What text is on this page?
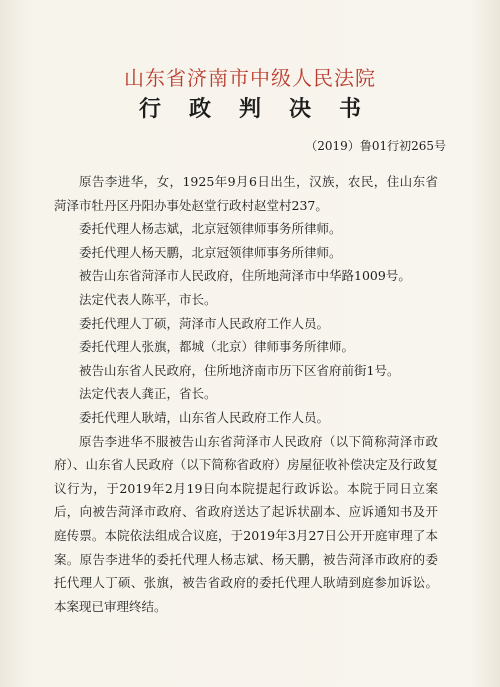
山东省济南市中级人民法院
行政判决书
（2019）鲁01行初265号

原告李进华，女，1925年9月6日出生，汉族，农民，住山东省菏泽市牡丹区丹阳办事处赵堂行政村赵堂村237。

委托代理人杨志斌，北京冠领律师事务所律师。

委托代理人杨天鹏，北京冠领律师事务所律师。

被告山东省菏泽市人民政府，住所地菏泽市中华路1009号。

法定代表人陈平，市长。

委托代理人丁硕，菏泽市人民政府工作人员。

委托代理人张旗，都城（北京）律师事务所律师。

被告山东省人民政府，住所地济南市历下区省府前街1号。

法定代表人龚正，省长。

委托代理人耿靖，山东省人民政府工作人员。

原告李进华不服被告山东省菏泽市人民政府（以下简称菏泽市政府）、山东省人民政府（以下简称省政府）房屋征收补偿决定及行政复议行为，于2019年2月19日向本院提起行政诉讼。本院于同日立案后，向被告菏泽市政府、省政府送达了起诉状副本、应诉通知书及开庭传票。本院依法组成合议庭，于2019年3月27日公开开庭审理了本案。原告李进华的委托代理人杨志斌、杨天鹏，被告菏泽市政府的委托代理人丁硕、张旗，被告省政府的委托代理人耿靖到庭参加诉讼。本案现已审理终结。
